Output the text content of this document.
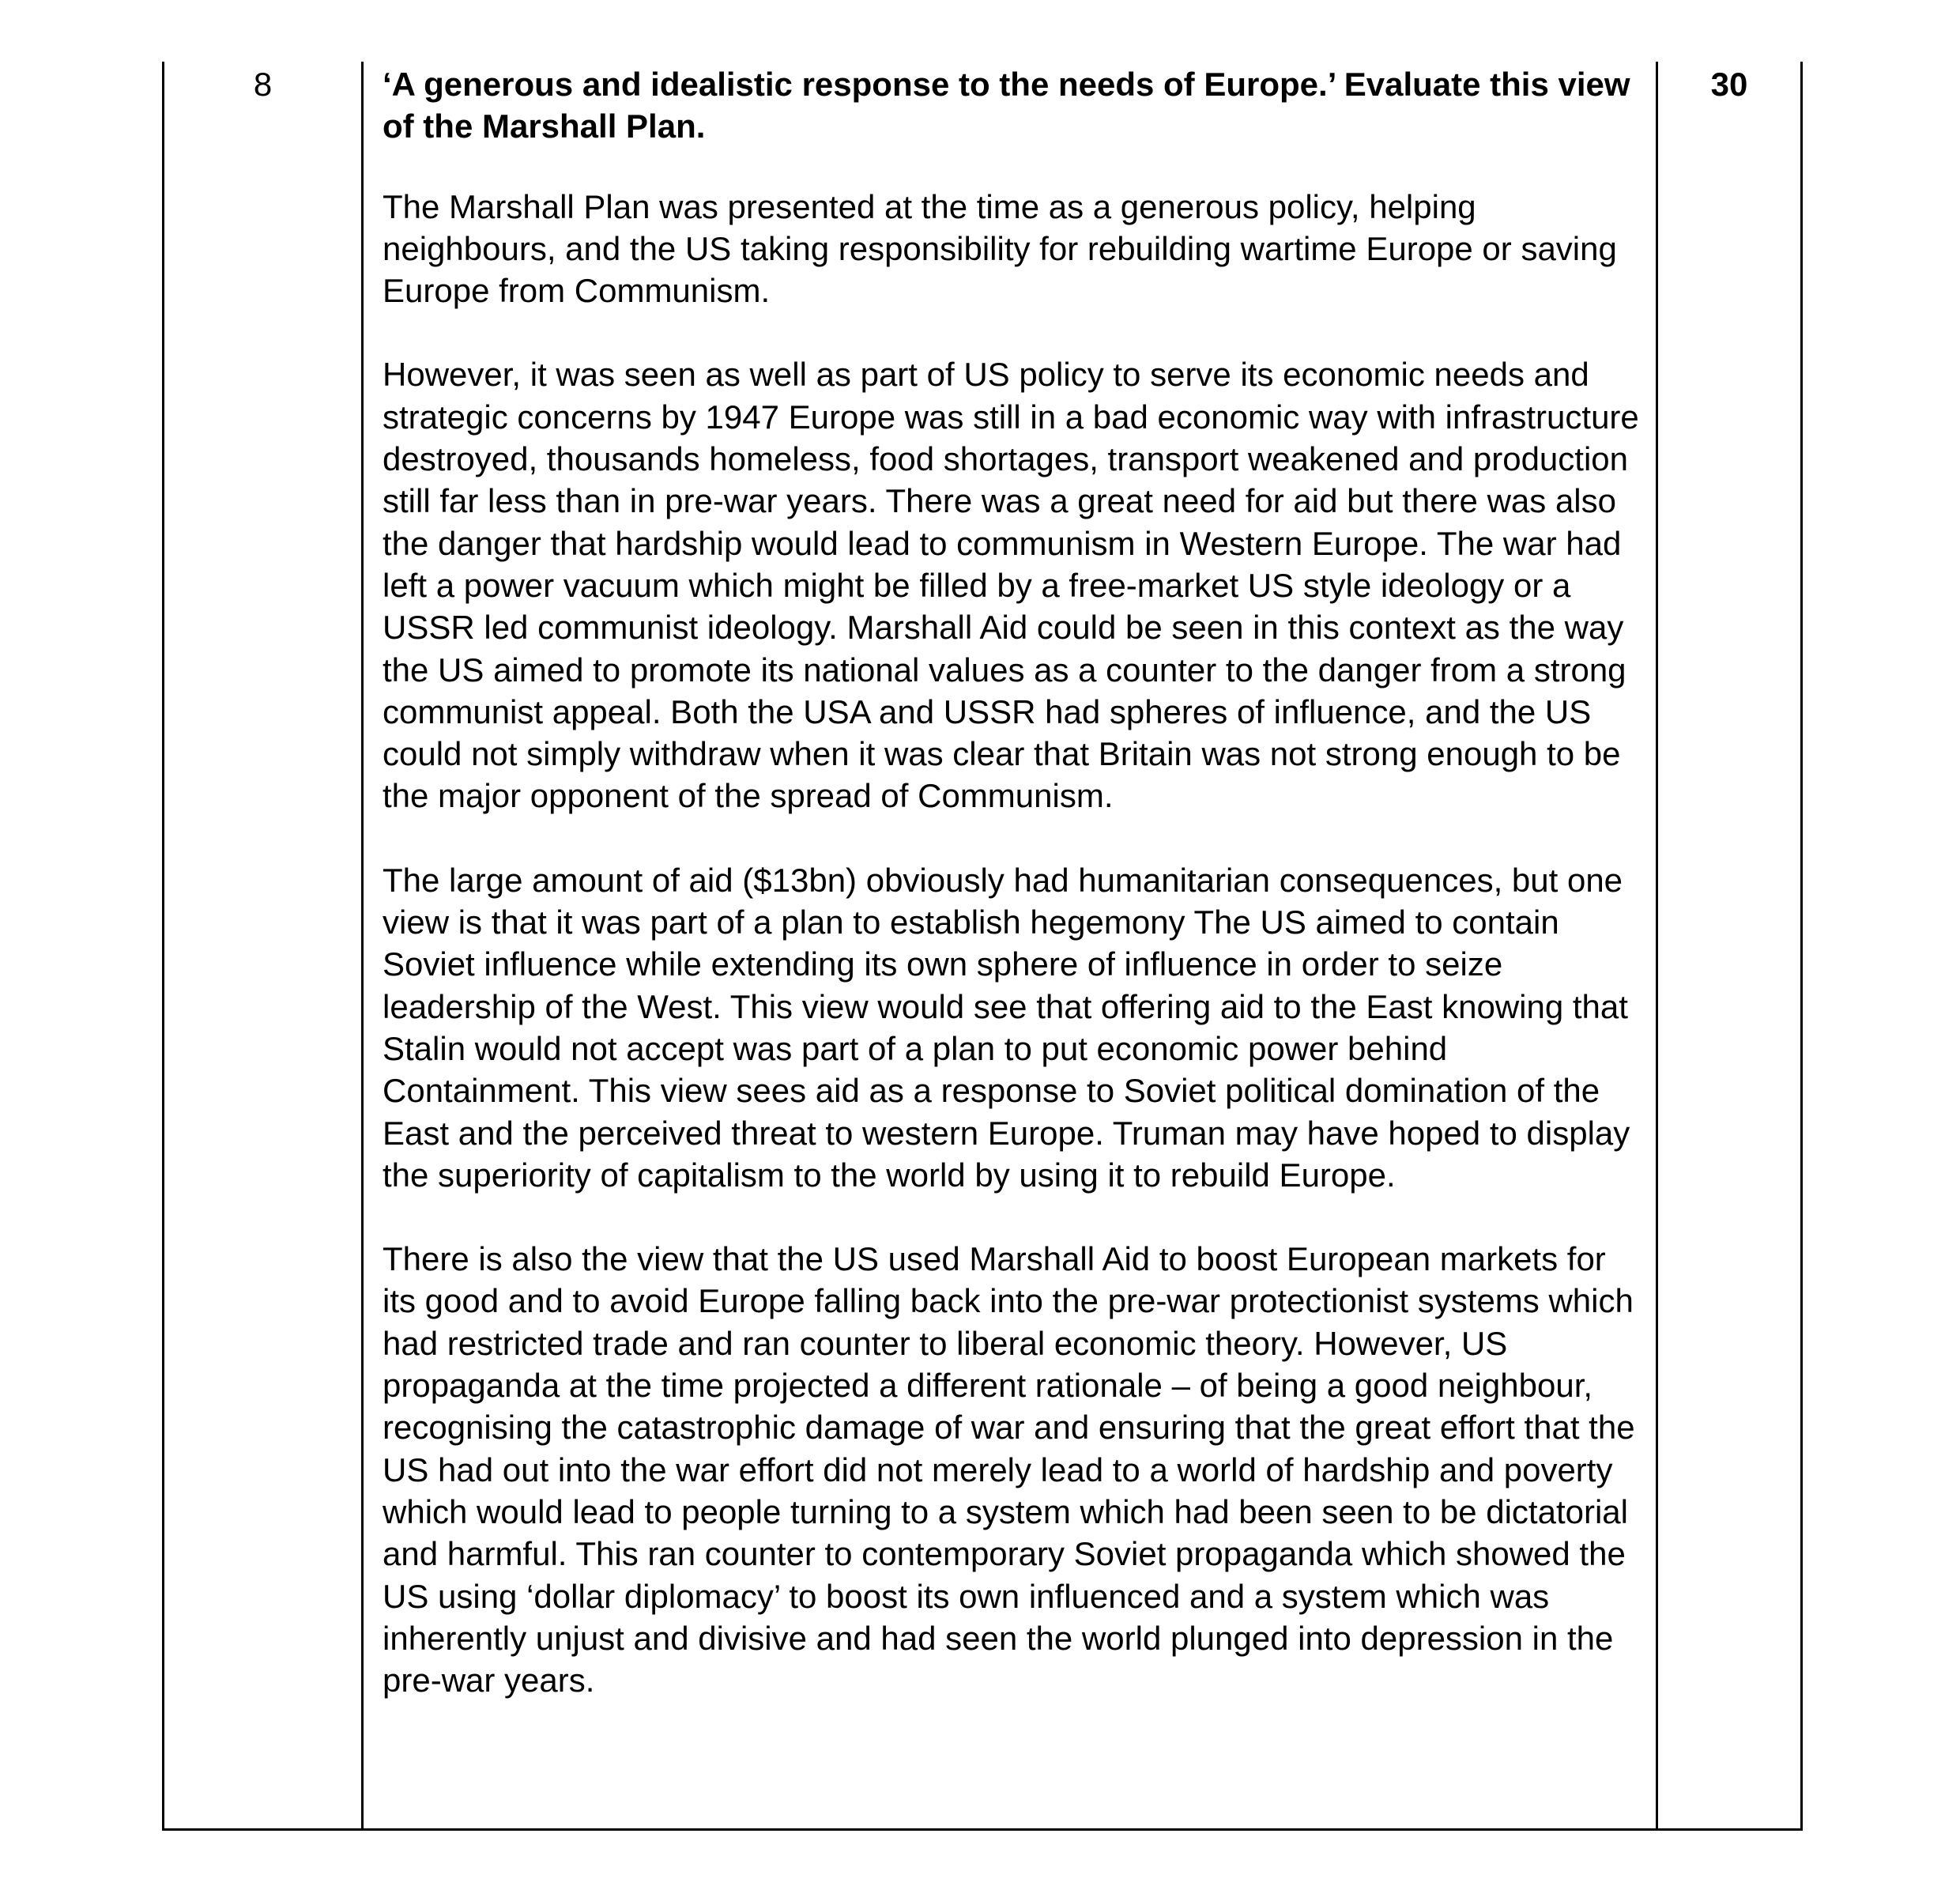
8	‘A generous and idealistic response to the needs of Europe.’ Evaluate this view of the Marshall Plan.

The Marshall Plan was presented at the time as a generous policy, helping neighbours, and the US taking responsibility for rebuilding wartime Europe or saving Europe from Communism.

However, it was seen as well as part of US policy to serve its economic needs and strategic concerns by 1947 Europe was still in a bad economic way with infrastructure destroyed, thousands homeless, food shortages, transport weakened and production still far less than in pre-war years. There was a great need for aid but there was also the danger that hardship would lead to communism in Western Europe. The war had left a power vacuum which might be filled by a free-market US style ideology or a USSR led communist ideology. Marshall Aid could be seen in this context as the way the US aimed to promote its national values as a counter to the danger from a strong communist appeal. Both the USA and USSR had spheres of influence, and the US could not simply withdraw when it was clear that Britain was not strong enough to be the major opponent of the spread of Communism.

The large amount of aid ($13bn) obviously had humanitarian consequences, but one view is that it was part of a plan to establish hegemony The US aimed to contain Soviet influence while extending its own sphere of influence in order to seize leadership of the West. This view would see that offering aid to the East knowing that Stalin would not accept was part of a plan to put economic power behind Containment. This view sees aid as a response to Soviet political domination of the East and the perceived threat to western Europe. Truman may have hoped to display the superiority of capitalism to the world by using it to rebuild Europe.

There is also the view that the US used Marshall Aid to boost European markets for its good and to avoid Europe falling back into the pre-war protectionist systems which had restricted trade and ran counter to liberal economic theory. However, US propaganda at the time projected a different rationale – of being a good neighbour, recognising the catastrophic damage of war and ensuring that the great effort that the US had out into the war effort did not merely lead to a world of hardship and poverty which would lead to people turning to a system which had been seen to be dictatorial and harmful. This ran counter to contemporary Soviet propaganda which showed the US using ‘dollar diplomacy’ to boost its own influenced and a system which was inherently unjust and divisive and had seen the world plunged into depression in the pre-war years.

30
